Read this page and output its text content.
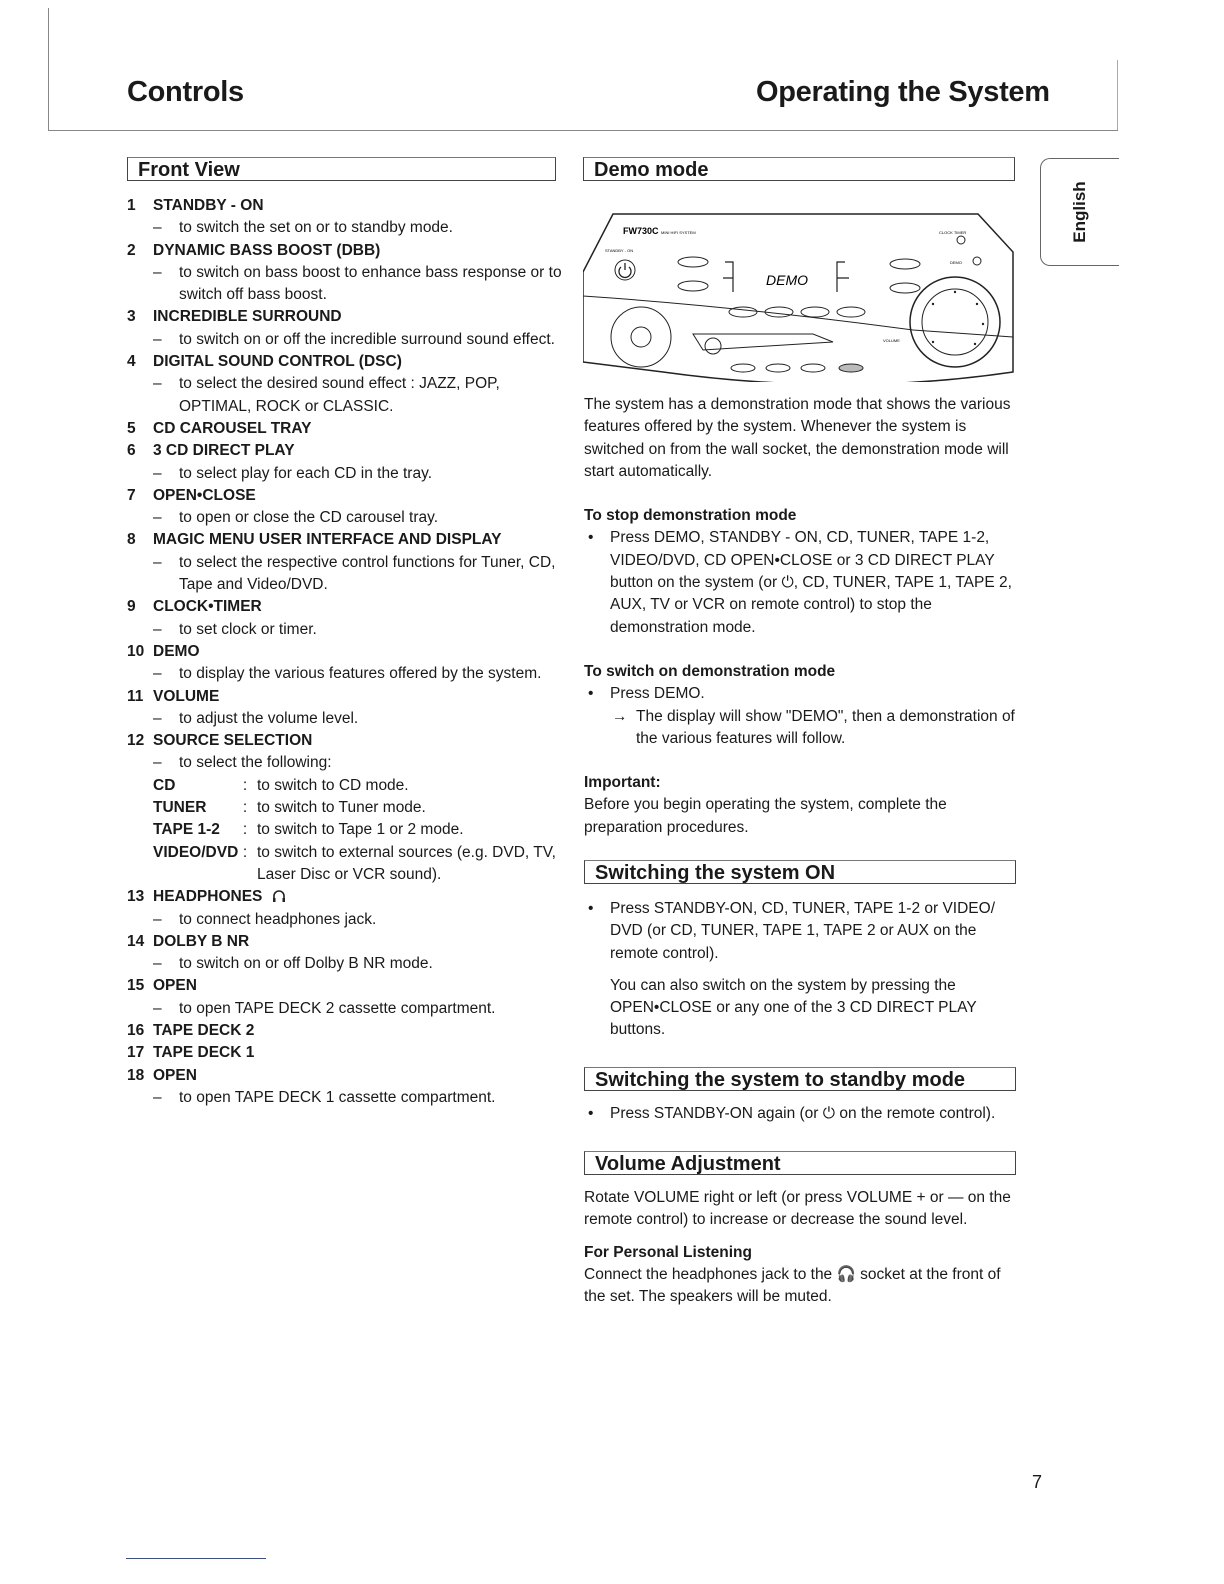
Controls	Operating the System
English
Front View
1 STANDBY - ON
–	to switch the set on or to standby mode.
2 DYNAMIC BASS BOOST (DBB)
–	to switch on bass boost to enhance bass response or to switch off bass boost.
3 INCREDIBLE SURROUND
–	to switch on or off the incredible surround sound effect.
4 DIGITAL SOUND CONTROL (DSC)
–	to select the desired sound effect : JAZZ, POP, OPTIMAL, ROCK or CLASSIC.
5 CD CAROUSEL TRAY
6 3 CD DIRECT PLAY
–	to select play for each CD in the tray.
7 OPEN•CLOSE
–	to open or close the CD carousel tray.
8 MAGIC MENU USER INTERFACE AND DISPLAY
–	to select the respective control functions for Tuner, CD, Tape and Video/DVD.
9 CLOCK•TIMER
–	to set clock or timer.
10 DEMO
–	to display the various features offered by the system.
11 VOLUME
–	to adjust the volume level.
12 SOURCE SELECTION
–	to select the following:
CD	: to switch to CD mode.
TUNER : to switch to Tuner mode.
TAPE 1-2 : to switch to Tape 1 or 2 mode.
VIDEO/DVD : to switch to external sources (e.g. DVD, TV, Laser Disc or VCR sound).
13 HEADPHONES
–	to connect headphones jack.
14 DOLBY B NR
–	to switch on or off Dolby B NR mode.
15 OPEN
–	to open TAPE DECK 2 cassette compartment.
16 TAPE DECK 2
17 TAPE DECK 1
18 OPEN
–	to open TAPE DECK 1 cassette compartment.
Demo mode
FW730C MINI HIFI SYSTEM
STANDBY - ON
DEMO
CLOCK TIMER
DEMO
VOLUME

The system has a demonstration mode that shows the various features offered by the system. Whenever the system is switched on from the wall socket, the demonstration mode will start automatically.

To stop demonstration mode
• Press DEMO, STANDBY - ON, CD, TUNER, TAPE 1-2, VIDEO/DVD, CD OPEN•CLOSE or 3 CD DIRECT PLAY button on the system (or ⏻, CD, TUNER, TAPE 1, TAPE 2, AUX, TV or VCR on remote control) to stop the demonstration mode.
To switch on demonstration mode
• Press DEMO.
→ The display will show "DEMO", then a demonstration of the various features will follow.
Important:

Before you begin operating the system, complete the preparation procedures.

Switching the system ON
• Press STANDBY-ON, CD, TUNER, TAPE 1-2 or VIDEO/ DVD (or CD, TUNER, TAPE 1, TAPE 2 or AUX on the remote control).

You can also switch on the system by pressing the OPEN•CLOSE or any one of the 3 CD DIRECT PLAY buttons.

Switching the system to standby mode
• Press STANDBY-ON again (or ⏻ on the remote control).
Volume Adjustment

Rotate VOLUME right or left (or press VOLUME + or — on the remote control) to increase or decrease the sound level.

For Personal Listening

Connect the headphones jack to the 🎧 socket at the front of the set. The speakers will be muted.

7
